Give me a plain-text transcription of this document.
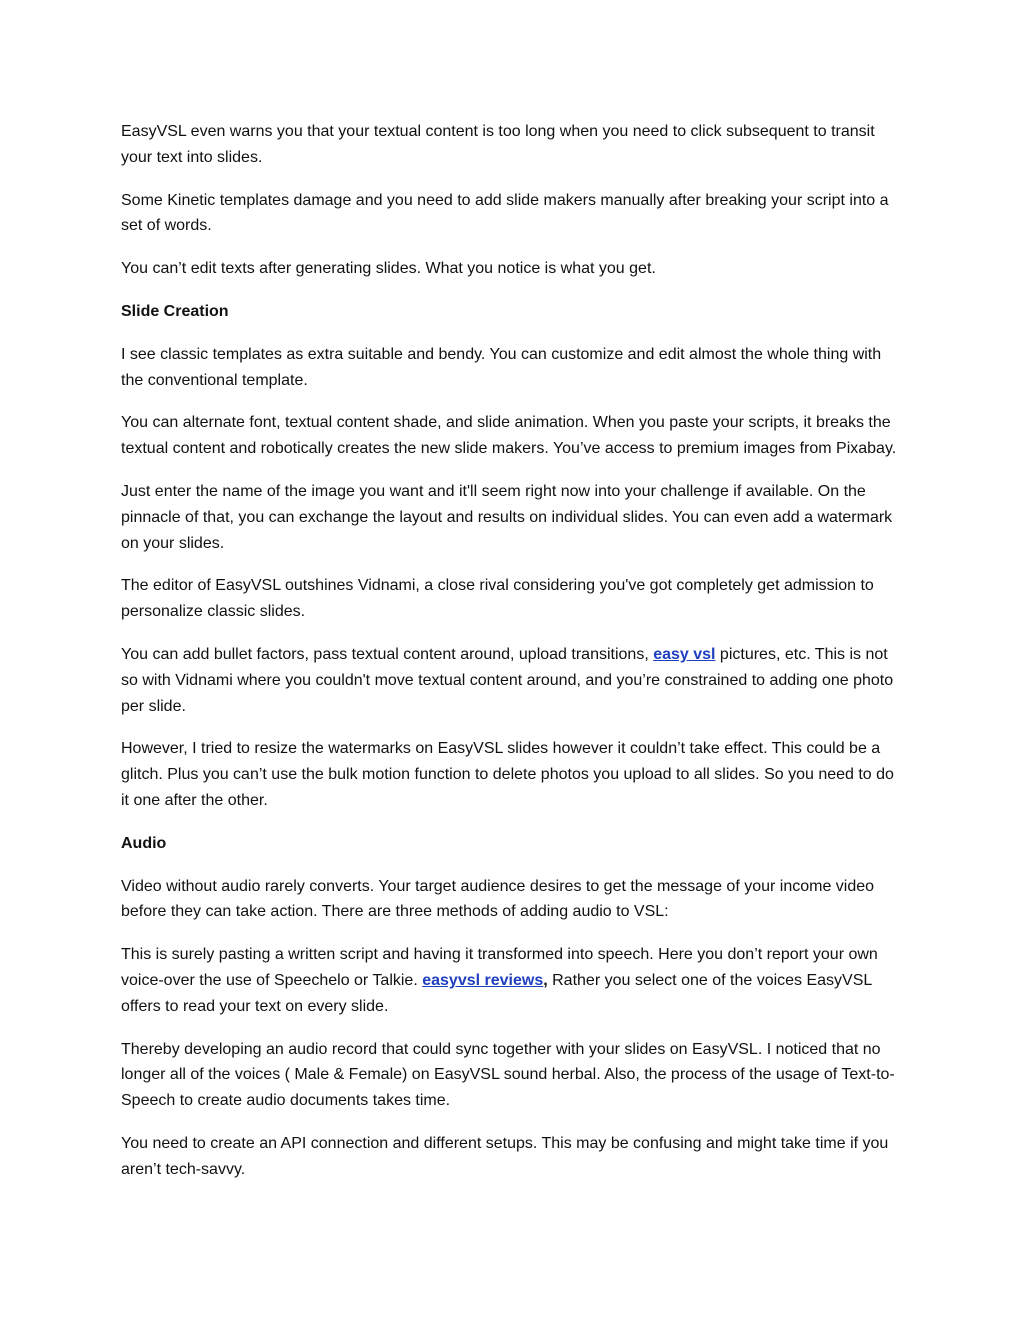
EasyVSL even warns you that your textual content is too long when you need to click subsequent to transit your text into slides.

Some Kinetic templates damage and you need to add slide makers manually after breaking your script into a set of words.

You can’t edit texts after generating slides. What you notice is what you get.

Slide Creation

I see classic templates as extra suitable and bendy. You can customize and edit almost the whole thing with the conventional template.

You can alternate font, textual content shade, and slide animation. When you paste your scripts, it breaks the textual content and robotically creates the new slide makers. You’ve access to premium images from Pixabay.

Just enter the name of the image you want and it'll seem right now into your challenge if available. On the pinnacle of that, you can exchange the layout and results on individual slides. You can even add a watermark on your slides.

The editor of EasyVSL outshines Vidnami, a close rival considering you've got completely get admission to personalize classic slides.

You can add bullet factors, pass textual content around, upload transitions, easy vsl pictures, etc. This is not so with Vidnami where you couldn't move textual content around, and you’re constrained to adding one photo per slide.

However, I tried to resize the watermarks on EasyVSL slides however it couldn’t take effect. This could be a glitch. Plus you can’t use the bulk motion function to delete photos you upload to all slides. So you need to do it one after the other.

Audio

Video without audio rarely converts. Your target audience desires to get the message of your income video before they can take action. There are three methods of adding audio to VSL:

This is surely pasting a written script and having it transformed into speech. Here you don’t report your own voice-over the use of Speechelo or Talkie. easyvsl reviews, Rather you select one of the voices EasyVSL offers to read your text on every slide.

Thereby developing an audio record that could sync together with your slides on EasyVSL. I noticed that no longer all of the voices ( Male & Female) on EasyVSL sound herbal. Also, the process of the usage of Text-to-Speech to create audio documents takes time.

You need to create an API connection and different setups. This may be confusing and might take time if you aren’t tech-savvy.
